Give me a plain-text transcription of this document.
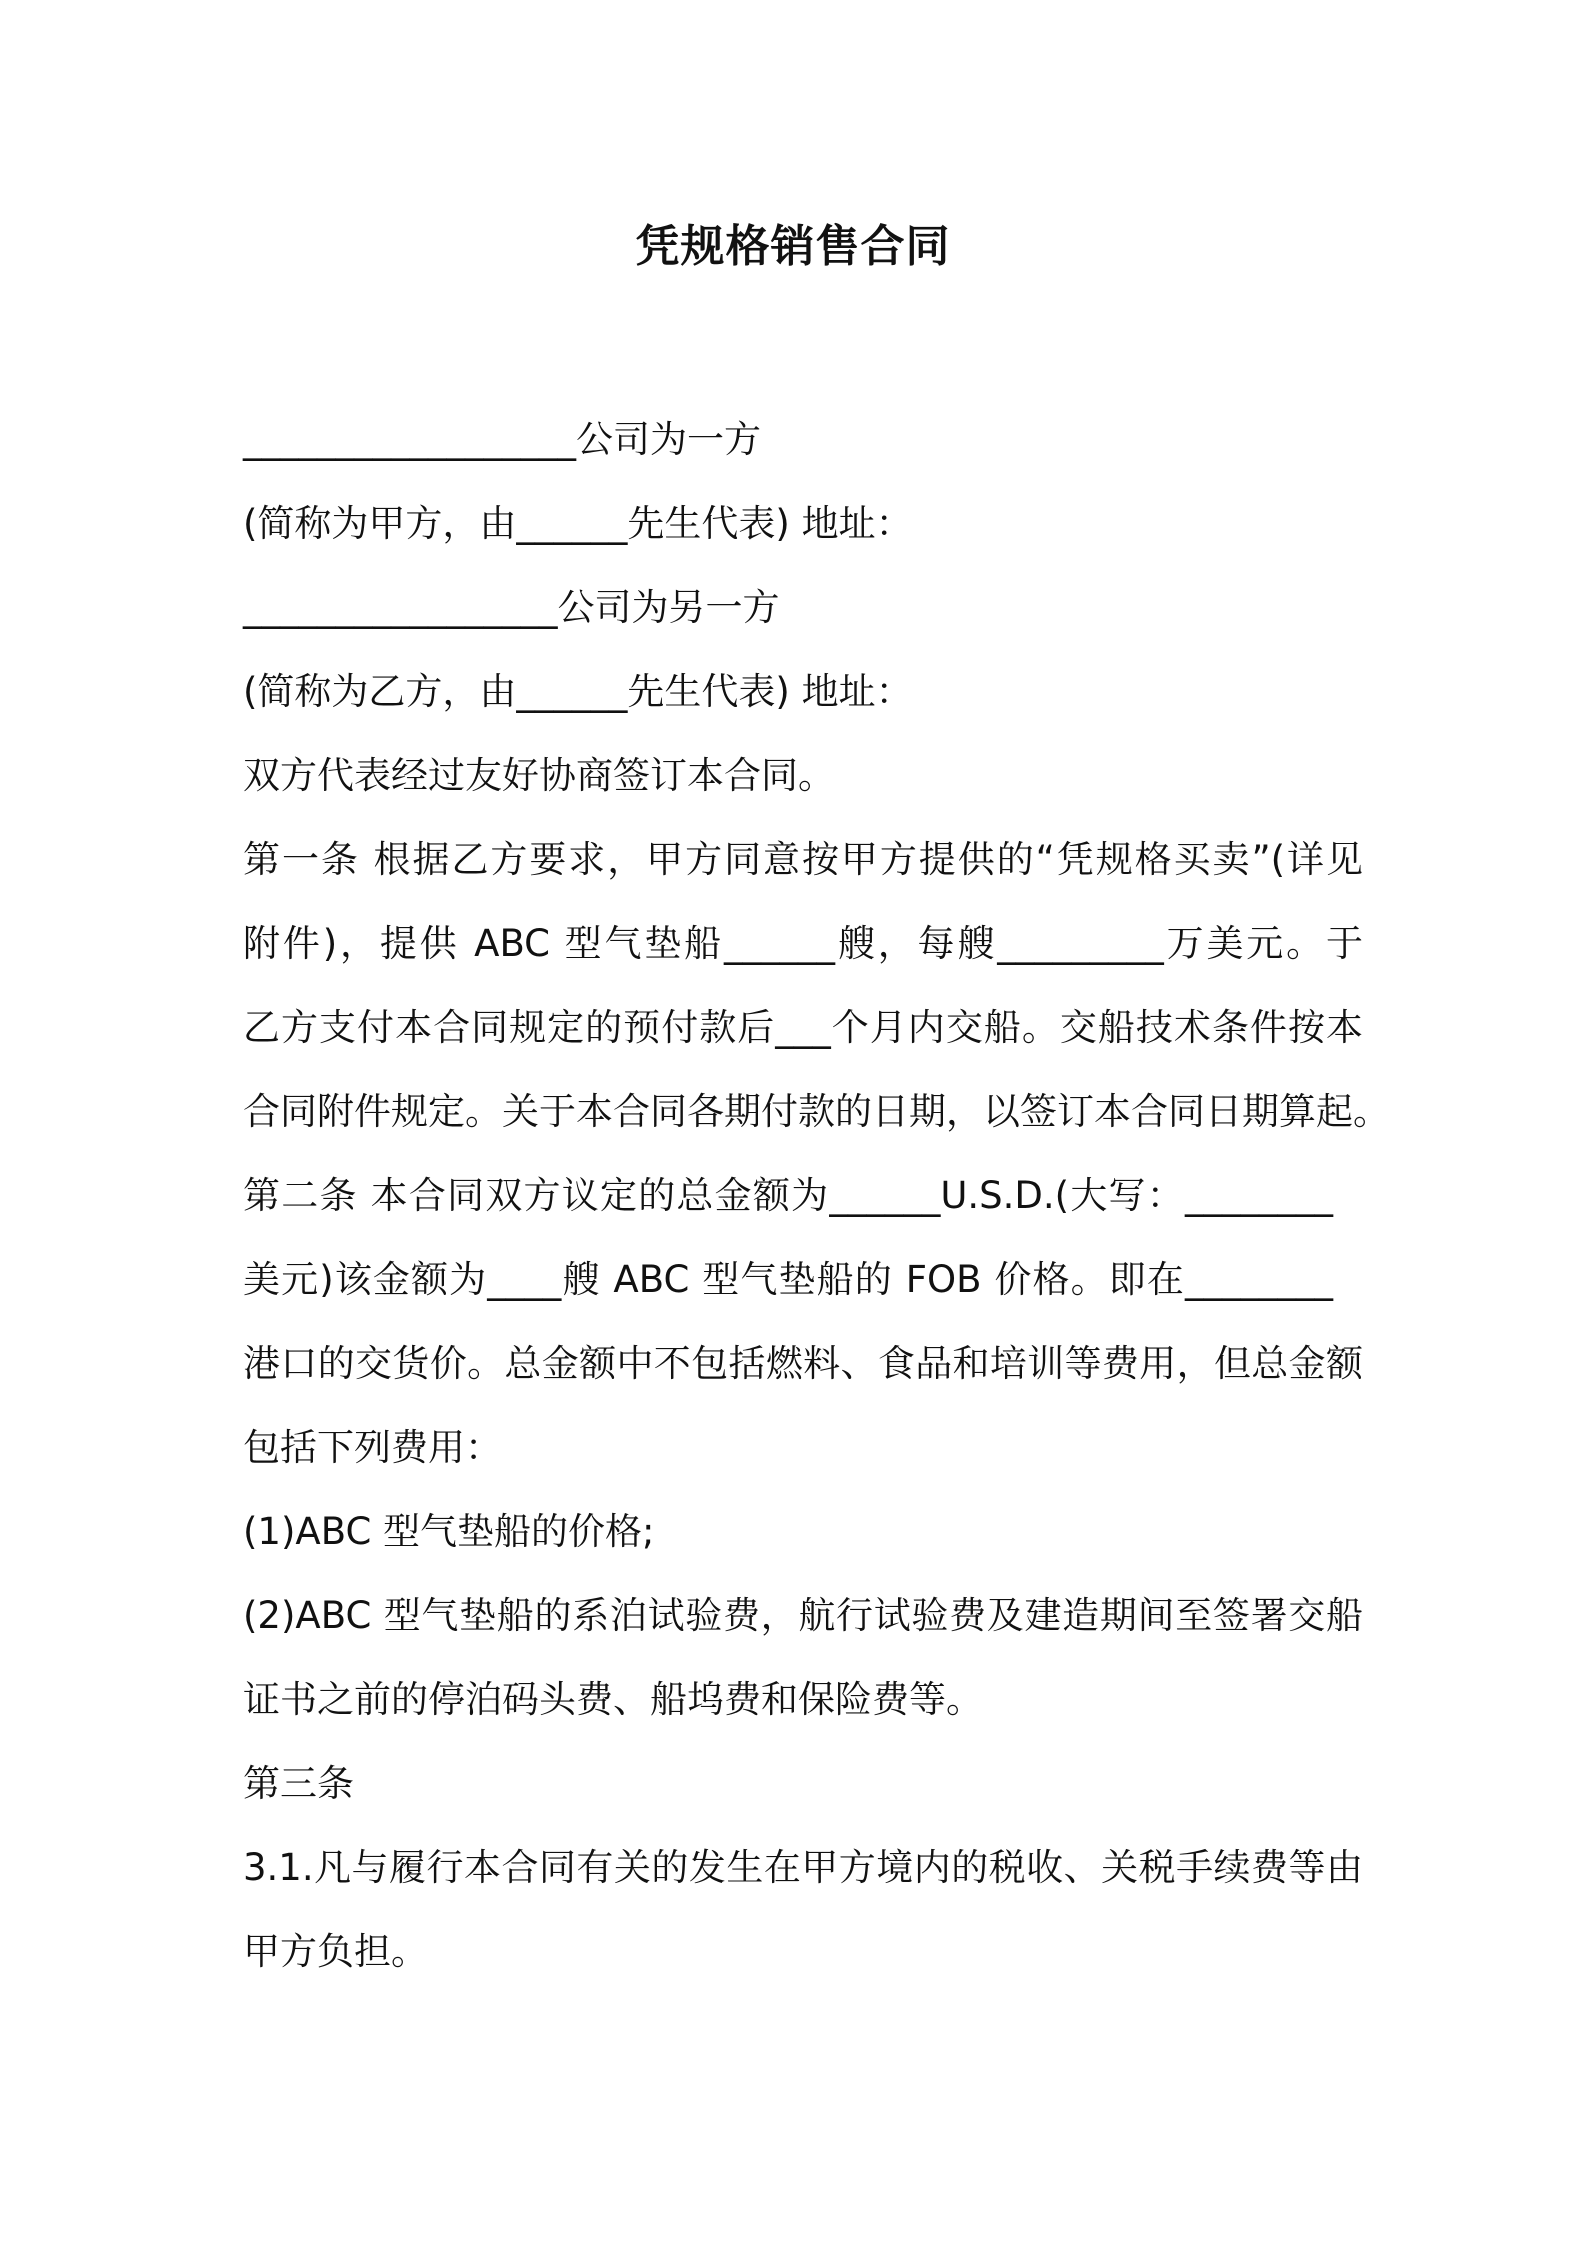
凭规格销售合同
__________________公司为一方
(简称为甲方，由______先生代表) 地址：
_________________公司为另一方
(简称为乙方，由______先生代表) 地址：
双方代表经过友好协商签订本合同。
第一条 根据乙方要求，甲方同意按甲方提供的“凭规格买卖”(详见
附件)，提供 ABC 型气垫船______艘，每艘_________万美元。于
乙方支付本合同规定的预付款后___个月内交船。交船技术条件按本
合同附件规定。关于本合同各期付款的日期，以签订本合同日期算起。
第二条 本合同双方议定的总金额为______U.S.D.(大写：________
美元)该金额为____艘 ABC 型气垫船的 FOB 价格。即在________
港口的交货价。总金额中不包括燃料、食品和培训等费用，但总金额
包括下列费用：
(1)ABC 型气垫船的价格;
(2)ABC 型气垫船的系泊试验费，航行试验费及建造期间至签署交船
证书之前的停泊码头费、船坞费和保险费等。
第三条
3.1.凡与履行本合同有关的发生在甲方境内的税收、关税手续费等由
甲方负担。
